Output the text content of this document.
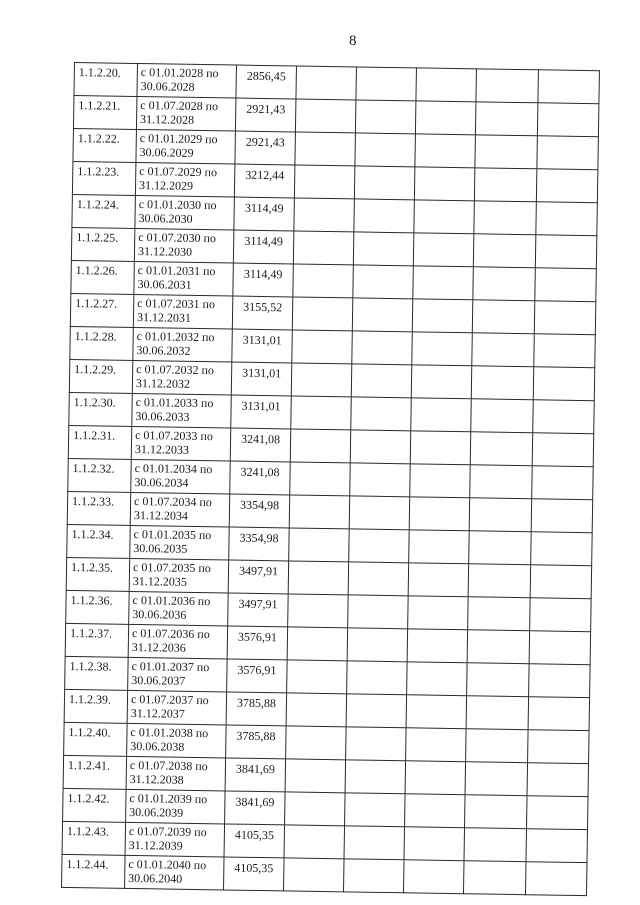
8
1.1.2.20.	с 01.01.2028 по
30.06.2028	2856,45					
1.1.2.21.	с 01.07.2028 по
31.12.2028	2921,43					
1.1.2.22.	с 01.01.2029 по
30.06.2029	2921,43					
1.1.2.23.	с 01.07.2029 по
31.12.2029	3212,44					
1.1.2.24.	с 01.01.2030 по
30.06.2030	3114,49					
1.1.2.25.	с 01.07.2030 по
31.12.2030	3114,49					
1.1.2.26.	с 01.01.2031 по
30.06.2031	3114,49					
1.1.2.27.	с 01.07.2031 по
31.12.2031	3155,52					
1.1.2.28.	с 01.01.2032 по
30.06.2032	3131,01					
1.1.2.29.	с 01.07.2032 по
31.12.2032	3131,01					
1.1.2.30.	с 01.01.2033 по
30.06.2033	3131,01					
1.1.2.31.	с 01.07.2033 по
31.12.2033	3241,08					
1.1.2.32.	с 01.01.2034 по
30.06.2034	3241,08					
1.1.2.33.	с 01.07.2034 по
31.12.2034	3354,98					
1.1.2.34.	с 01.01.2035 по
30.06.2035	3354,98					
1.1.2.35.	с 01.07.2035 по
31.12.2035	3497,91					
1.1.2.36.	с 01.01.2036 по
30.06.2036	3497,91					
1.1.2.37.	с 01.07.2036 по
31.12.2036	3576,91					
1.1.2.38.	с 01.01.2037 по
30.06.2037	3576,91					
1.1.2.39.	с 01.07.2037 по
31.12.2037	3785,88					
1.1.2.40.	с 01.01.2038 по
30.06.2038	3785,88					
1.1.2.41.	с 01.07.2038 по
31.12.2038	3841,69					
1.1.2.42.	с 01.01.2039 по
30.06.2039	3841,69					
1.1.2.43.	с 01.07.2039 по
31.12.2039	4105,35					
1.1.2.44.	с 01.01.2040 по
30.06.2040	4105,35					
